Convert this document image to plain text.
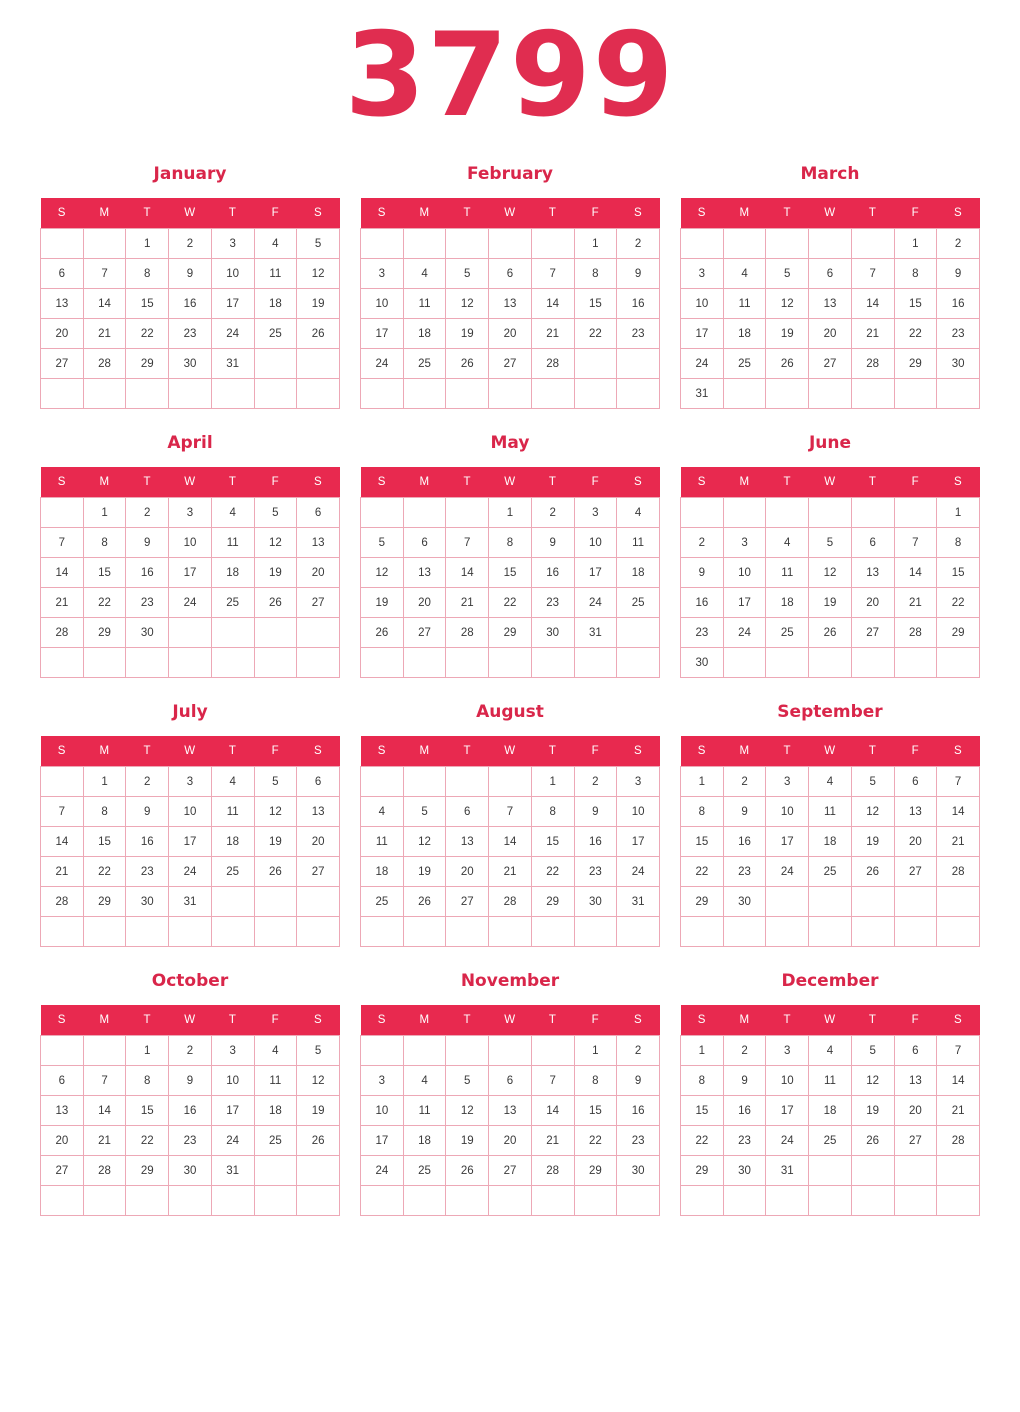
3799
January
S	M	T	W	T	F	S
		1	2	3	4	5
6	7	8	9	10	11	12
13	14	15	16	17	18	19
20	21	22	23	24	25	26
27	28	29	30	31		

February
S	M	T	W	T	F	S
					1	2
3	4	5	6	7	8	9
10	11	12	13	14	15	16
17	18	19	20	21	22	23
24	25	26	27	28		

March
S	M	T	W	T	F	S
					1	2
3	4	5	6	7	8	9
10	11	12	13	14	15	16
17	18	19	20	21	22	23
24	25	26	27	28	29	30
31						
April
S	M	T	W	T	F	S
	1	2	3	4	5	6
7	8	9	10	11	12	13
14	15	16	17	18	19	20
21	22	23	24	25	26	27
28	29	30				

May
S	M	T	W	T	F	S
			1	2	3	4
5	6	7	8	9	10	11
12	13	14	15	16	17	18
19	20	21	22	23	24	25
26	27	28	29	30	31	

June
S	M	T	W	T	F	S
						1
2	3	4	5	6	7	8
9	10	11	12	13	14	15
16	17	18	19	20	21	22
23	24	25	26	27	28	29
30						
July
S	M	T	W	T	F	S
	1	2	3	4	5	6
7	8	9	10	11	12	13
14	15	16	17	18	19	20
21	22	23	24	25	26	27
28	29	30	31			

August
S	M	T	W	T	F	S
				1	2	3
4	5	6	7	8	9	10
11	12	13	14	15	16	17
18	19	20	21	22	23	24
25	26	27	28	29	30	31

September
S	M	T	W	T	F	S
1	2	3	4	5	6	7
8	9	10	11	12	13	14
15	16	17	18	19	20	21
22	23	24	25	26	27	28
29	30					

October
S	M	T	W	T	F	S
		1	2	3	4	5
6	7	8	9	10	11	12
13	14	15	16	17	18	19
20	21	22	23	24	25	26
27	28	29	30	31		

November
S	M	T	W	T	F	S
					1	2
3	4	5	6	7	8	9
10	11	12	13	14	15	16
17	18	19	20	21	22	23
24	25	26	27	28	29	30

December
S	M	T	W	T	F	S
1	2	3	4	5	6	7
8	9	10	11	12	13	14
15	16	17	18	19	20	21
22	23	24	25	26	27	28
29	30	31				
